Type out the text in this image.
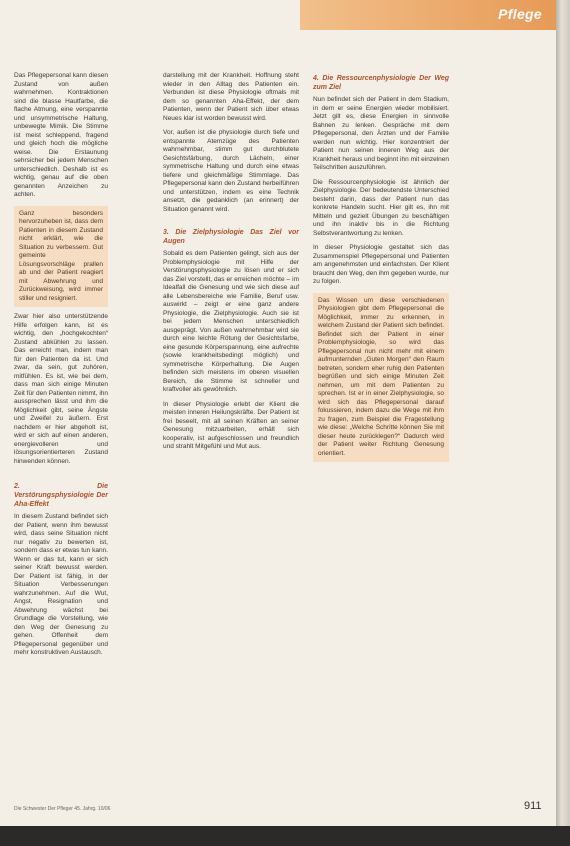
Pflege

Das Pflegepersonal kann diesen Zustand von außen wahrnehmen. Kontraktionen sind die blasse Hautfarbe, die flache Atmung, eine verspannte und unsymmetrische Haltung, unbewegte Mimik. Die Stimme ist meist schleppend, fragend und gleich hoch die mögliche weise. Die Erstaunung sehrsicher bei jedem Menschen unterschiedlich. Deshalb ist es wichtig, genau auf die oben genannten Anzeichen zu achten.

Ganz besonders hervorzuheben ist, dass dem Patienten in diesem Zustand nicht erklärt, wie die Situation zu verbessern. Gut gemeinte Lösungsvorschläge prallen ab und der Patient reagiert mit Abwehrung und Zurückweisung, wird immer stiller und resigniert.

Zwar hier also unterstützende Hilfe erfolgen kann, ist es wichtig, den „hochgekochten“ Zustand abkühlen zu lassen. Das erreicht man, indem man für den Patienten da ist. Und zwar, da sein, gut zuhören, mitfühlen. Es ist, wie bei dem, dass man sich einige Minuten Zeit für den Patienten nimmt, ihn aussprechen lässt und ihm die Möglichkeit gibt, seine Ängste und Zweifel zu äußern. Erst nachdem er hier abgeholt ist, wird er sich auf einen anderen, energievolleren und lösungsorientierteren Zustand hinwenden können.

2. Die Verstörungsphysiologie Der Aha-Effekt

In diesem Zustand befindet sich der Patient, wenn ihm bewusst wird, dass seine Situation nicht nur negativ zu bewerten ist, sondern dass er etwas tun kann. Wenn er das tut, kann er sich seiner Kraft bewusst werden. Der Patient ist fähig, in der Situation Verbesserungen wahrzunehmen. Auf die Wut, Angst, Resignation und Abwehrung wächst bei Grundlage die Vorstellung, wie den Weg der Genesung zu gehen. Offenheit dem Pflegepersonal gegenüber und mehr konstruktiven Austausch.

darstellung mit der Krankheit. Hoffnung steht wieder in den Alltag des Patienten ein. Verbunden ist diese Physiologie oftmals mit dem so genannten Aha-Effekt, der dem Patienten, wenn der Patient sich über etwas Neues klar ist worden bewusst wird.

Vor, außen ist die physiologie durch tiefe und entspannte Atemzüge des Patienten wahrnehmbar, stimm gut durchblutete Gesichtsfärbung, durch Lächeln, einer symmetrische Haltung und durch eine etwas tiefere und gleichmäßige Stimmlage. Das Pflegepersonal kann den Zustand herbeiführen und unterstützen, indem es eine Technik ansetzt, die gedanklich (an erinnert) der Situation genannt wird.

3. Die Zielphysiologie Das Ziel vor Augen

Sobald es dem Patienten gelingt, sich aus der Problemphysiologie mit Hilfe der Verstörungsphysiologie zu lösen und er sich das Ziel vorstellt, das er erreichen möchte – im Idealfall die Genesung und wie sich diese auf alle Lebensbereiche wie Familie, Beruf usw. auswirkt – zeigt er eine ganz andere Physiologie, die Zielphysiologie. Auch sie ist bei jedem Menschen unterschiedlich ausgeprägt. Von außen wahrnehmbar wird sie durch eine leichte Rötung der Gesichtsfarbe, eine gesunde Körperspannung, eine aufrechte (sowie krankheitsbedingt möglich) und symmetrische Körperhaltung. Die Augen befinden sich meistens im oberen visuellen Bereich, die Stimme ist schneller und kraftvoller als gewöhnlich.

In dieser Physiologie erlebt der Klient die meisten inneren Heilungskräfte. Der Patient ist frei beseelt, mit all seinen Kräften an seiner Genesung mitzuarbeiten, erhält sich kooperativ, ist aufgeschlossen und freundlich und strahlt Mitgefühl und Mut aus.

4. Die Ressourcenphysiologie Der Weg zum Ziel

Nun befindet sich der Patient in dem Stadium, in dem er seine Energien wieder mobilisiert. Jetzt gilt es, diese Energien in sinnvolle Bahnen zu lenken. Gespräche mit dem Pflegepersonal, den Ärzten und der Familie werden nun wichtig. Hier konzentriert der Patient nun seinen inneren Weg aus der Krankheit heraus und beginnt ihn mit einzelnen Teilschritten auszuführen.

Die Ressourcenphysiologie ist ähnlich der Zielphysiologie. Der bedeutendste Unterschied besteht darin, dass der Patient nun das konkrete Handeln sucht. Hier gilt es, ihn mit Mitteln und gezielt Übungen zu beschäftigen und ihn inaktiv bis in die Richtung Selbstverantwortung zu lenken.

In dieser Physiologie gestaltet sich das Zusammenspiel Pflegepersonal und Patienten am angenehmsten und einfachsten. Der Klient braucht den Weg, den ihm gegeben wurde, nur zu folgen.

Das Wissen um diese verschiedenen Physiologien gibt dem Pflegepersonal die Möglichkeit, immer zu erkennen, in welchem Zustand der Patient sich befindet. Befindet sich der Patient in einer Problemphysiologie, so wird das Pflegepersonal nun nicht mehr mit einem aufmunternden „Guten Morgen“ den Raum betreten, sondern eher ruhig den Patienten begrüßen und sich einige Minuten Zeit nehmen, um mit dem Patienten zu sprechen. Ist er in einer Zielphysiologie, so wird sich das Pflegepersonal darauf fokussieren, indem dazu die Wege mit ihm zu fragen, zum Beispiel die Fragestellung wie diese: „Welche Schritte können Sie mit dieser heute zurücklegen?“ Dadurch wird der Patient weiter Richtung Genesung orientiert.
Die Schwester Der Pfleger 45. Jahrg. 10/06	911
